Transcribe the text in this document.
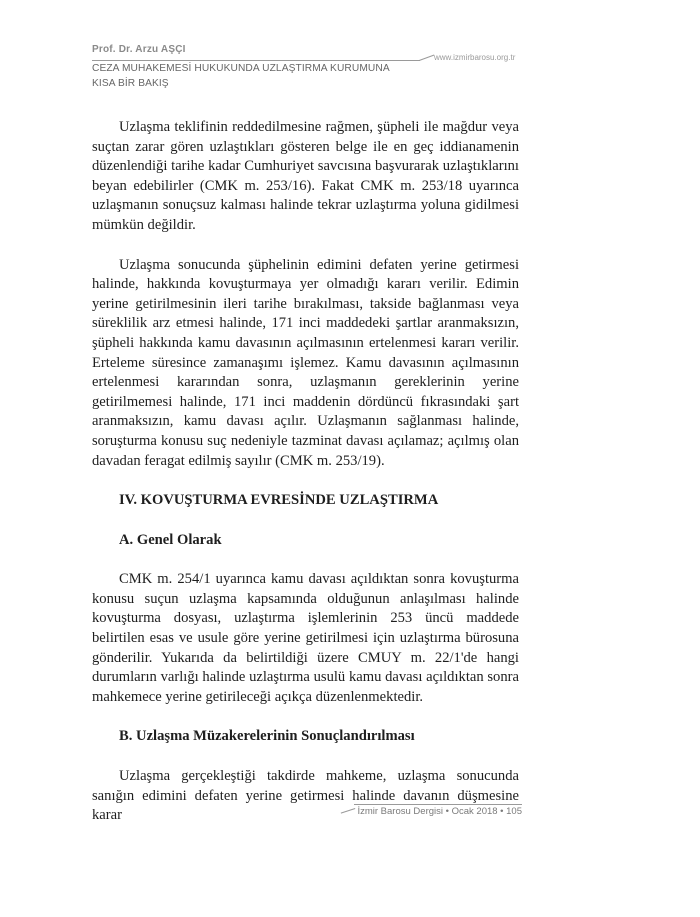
Prof. Dr. Arzu AŞÇI
CEZA MUHAKEMESİ HUKUKUNDA UZLAŞTIRMA KURUMUNA
KISA BİR BAKIŞ
www.izmirbarosu.org.tr

Uzlaşma teklifinin reddedilmesine rağmen, şüpheli ile mağdur veya suçtan zarar gören uzlaştıkları gösteren belge ile en geç iddianamenin düzenlendiği tarihe kadar Cumhuriyet savcısına başvurarak uzlaştıklarını beyan edebilirler (CMK m. 253/16). Fakat CMK m. 253/18 uyarınca uzlaşmanın sonuçsuz kalması halinde tekrar uzlaştırma yoluna gidilmesi mümkün değildir.

Uzlaşma sonucunda şüphelinin edimini defaten yerine getirmesi halinde, hakkında kovuşturmaya yer olmadığı kararı verilir. Edimin yerine getirilmesinin ileri tarihe bırakılması, takside bağlanması veya süreklilik arz etmesi halinde, 171 inci maddedeki şartlar aranmaksızın, şüpheli hakkında kamu davasının açılmasının ertelenmesi kararı verilir. Erteleme süresince zamanaşımı işlemez. Kamu davasının açılmasının ertelenmesi kararından sonra, uzlaşmanın gereklerinin yerine getirilmemesi halinde, 171 inci maddenin dördüncü fıkrasındaki şart aranmaksızın, kamu davası açılır. Uzlaşmanın sağlanması halinde, soruşturma konusu suç nedeniyle tazminat davası açılamaz; açılmış olan davadan feragat edilmiş sayılır (CMK m. 253/19).

IV. KOVUŞTURMA EVRESİNDE UZLAŞTIRMA

A. Genel Olarak

CMK m. 254/1 uyarınca kamu davası açıldıktan sonra kovuşturma konusu suçun uzlaşma kapsamında olduğunun anlaşılması halinde kovuşturma dosyası, uzlaştırma işlemlerinin 253 üncü maddede belirtilen esas ve usule göre yerine getirilmesi için uzlaştırma bürosuna gönderilir. Yukarıda da belirtildiği üzere CMUY m. 22/1'de hangi durumların varlığı halinde uzlaştırma usulü kamu davası açıldıktan sonra mahkemece yerine getirileceği açıkça düzenlenmektedir.

B. Uzlaşma Müzakerelerinin Sonuçlandırılması

Uzlaşma gerçekleştiği takdirde mahkeme, uzlaşma sonucunda sanığın edimini defaten yerine getirmesi halinde davanın düşmesine karar	İzmir Barosu Dergisi • Ocak 2018 • 105
